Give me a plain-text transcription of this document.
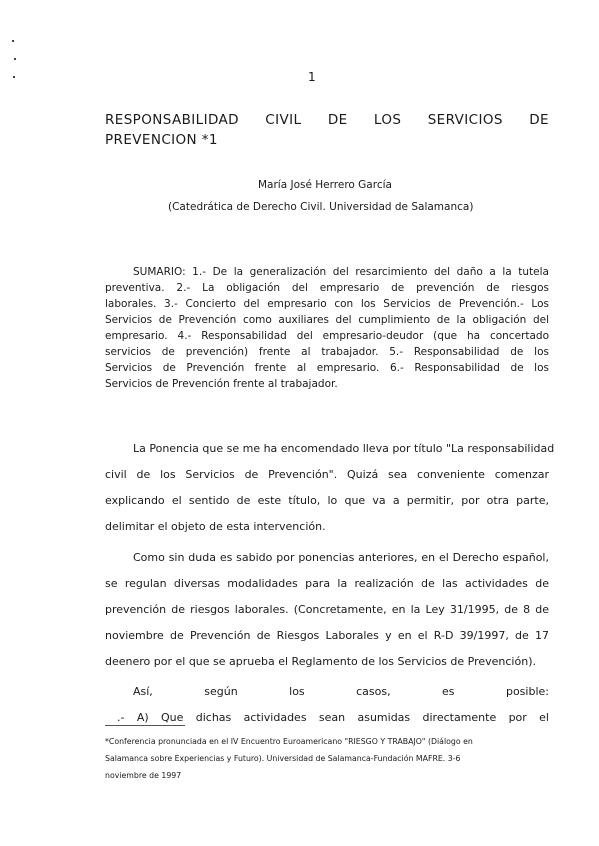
1
RESPONSABILIDAD CIVIL DE LOS SERVICIOS DE
PREVENCION *1
María José Herrero García
(Catedrática de Derecho Civil. Universidad de Salamanca)
SUMARIO: 1.- De la generalización del resarcimiento del daño a la tutela
preventiva. 2.- La obligación del empresario de prevención de riesgos
laborales. 3.- Concierto del empresario con los Servicios de Prevención.- Los
Servicios de Prevención como auxiliares del cumplimiento de la obligación del
empresario. 4.- Responsabilidad del empresario-deudor (que ha concertado
servicios de prevención) frente al trabajador. 5.- Responsabilidad de los
Servicios de Prevención frente al empresario. 6.- Responsabilidad de los
Servicios de Prevención frente al trabajador.
La Ponencia que se me ha encomendado lleva por título "La responsabilidad
civil de los Servicios de Prevención". Quizá sea conveniente comenzar
explicando el sentido de este título, lo que va a permitir, por otra parte,
delimitar el objeto de esta intervención.
Como sin duda es sabido por ponencias anteriores, en el Derecho español,
se regulan diversas modalidades para la realización de las actividades de
prevención de riesgos laborales. (Concretamente, en la Ley 31/1995, de 8 de
noviembre de Prevención de Riesgos Laborales y en el R-D 39/1997, de 17
deenero por el que se aprueba el Reglamento de los Servicios de Prevención).
Así, según los casos, es posible:
.- A) Que dichas actividades sean asumidas directamente por el
*Conferencia pronunciada en el IV Encuentro Euroamericano "RIESGO Y TRABAJO" (Diálogo en
Salamanca sobre Experiencias y Futuro). Universidad de Salamanca-Fundación MAFRE. 3-6
noviembre de 1997
